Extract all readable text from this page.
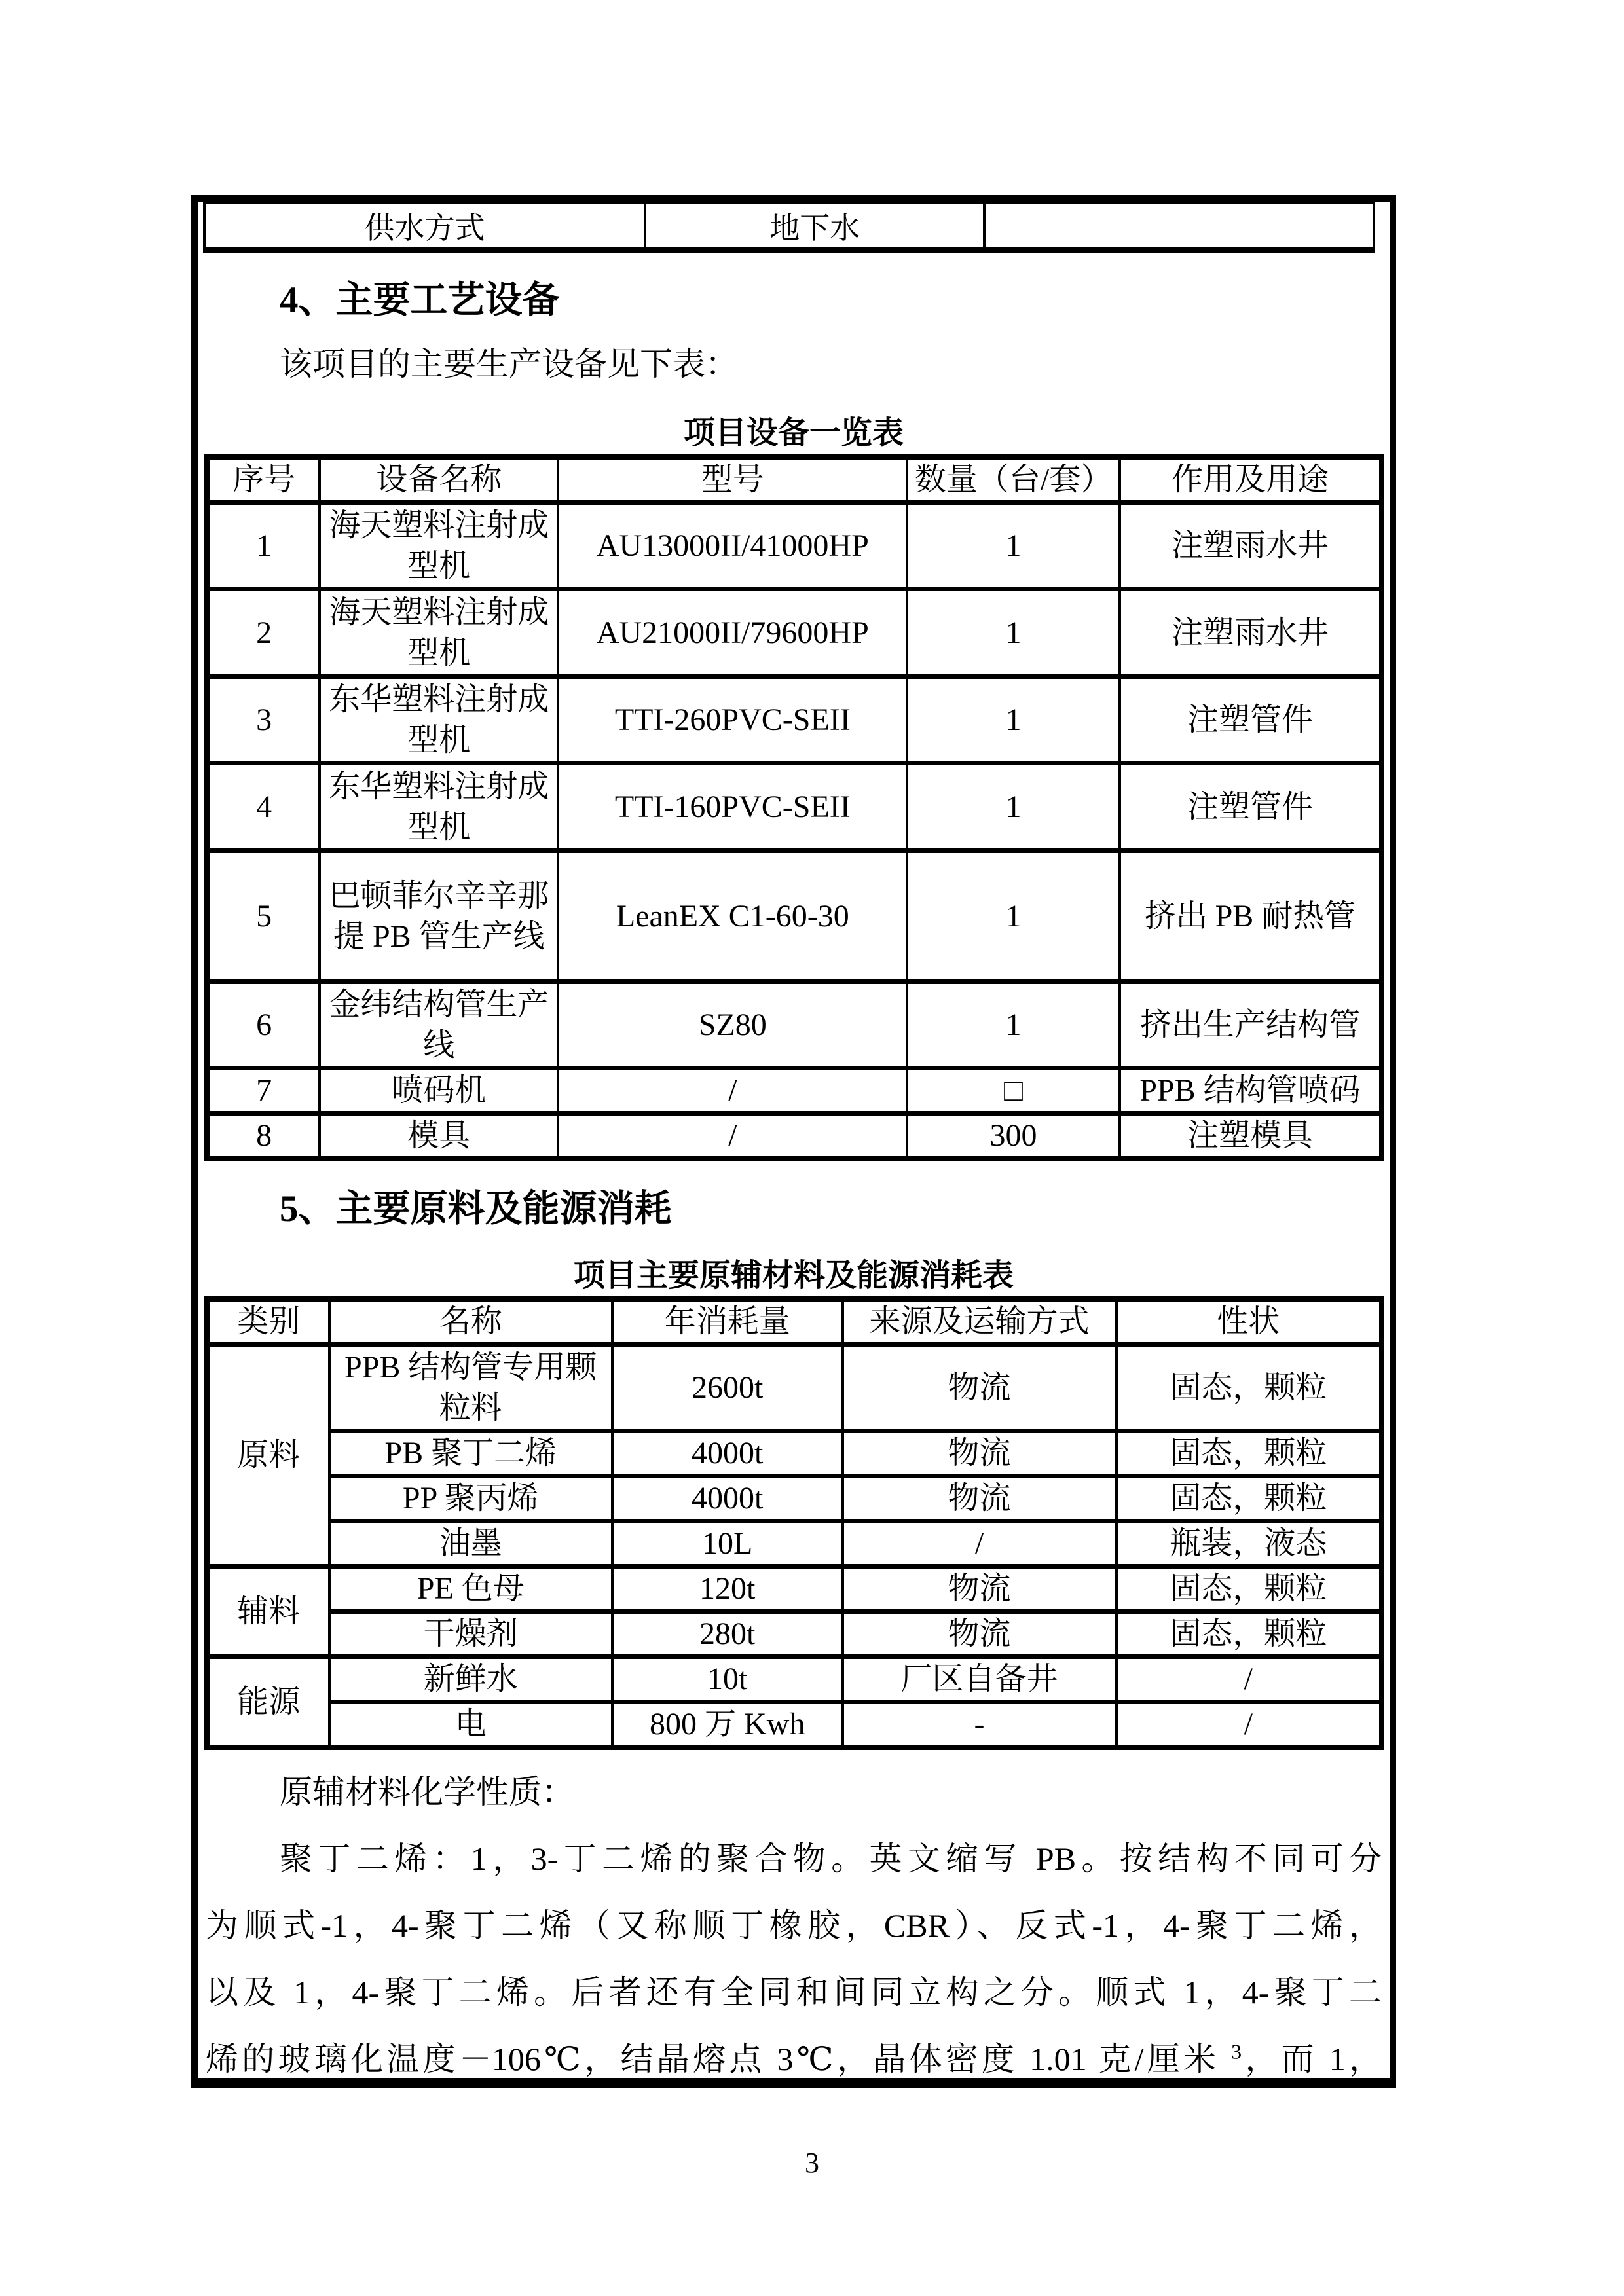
供水方式	地下水	
4、主要工艺设备
该项目的主要生产设备见下表：
项目设备一览表
序号	设备名称	型号	数量（台/套）	作用及用途
1	海天塑料注射成型机	AU13000II/41000HP	1	注塑雨水井
2	海天塑料注射成型机	AU21000II/79600HP	1	注塑雨水井
3	东华塑料注射成型机	TTI-260PVC-SEII	1	注塑管件
4	东华塑料注射成型机	TTI-160PVC-SEII	1	注塑管件
5	巴顿菲尔辛辛那提 PB 管生产线	LeanEX C1-60-30	1	挤出 PB 耐热管
6	金纬结构管生产线	SZ80	1	挤出生产结构管
7	喷码机	/	□	PPB 结构管喷码
8	模具	/	300	注塑模具
5、主要原料及能源消耗
项目主要原辅材料及能源消耗表
类别	名称	年消耗量	来源及运输方式	性状
原料	PPB 结构管专用颗粒料	2600t	物流	固态，颗粒
	PB 聚丁二烯	4000t	物流	固态，颗粒
	PP 聚丙烯	4000t	物流	固态，颗粒
	油墨	10L	/	瓶装，液态
辅料	PE 色母	120t	物流	固态，颗粒
	干燥剂	280t	物流	固态，颗粒
能源	新鲜水	10t	厂区自备井	/
	电	800 万 Kwh	-	/
原辅材料化学性质：
聚丁二烯：1，3-丁二烯的聚合物。英文缩写 PB。按结构不同可分
为顺式-1，4-聚丁二烯（又称顺丁橡胶，CBR）、反式-1，4-聚丁二烯，
以及 1，4-聚丁二烯。后者还有全同和间同立构之分。顺式 1，4-聚丁二
烯的玻璃化温度－106℃，结晶熔点 3℃，晶体密度 1.01 克/厘米 $^3$，而 1，
3
